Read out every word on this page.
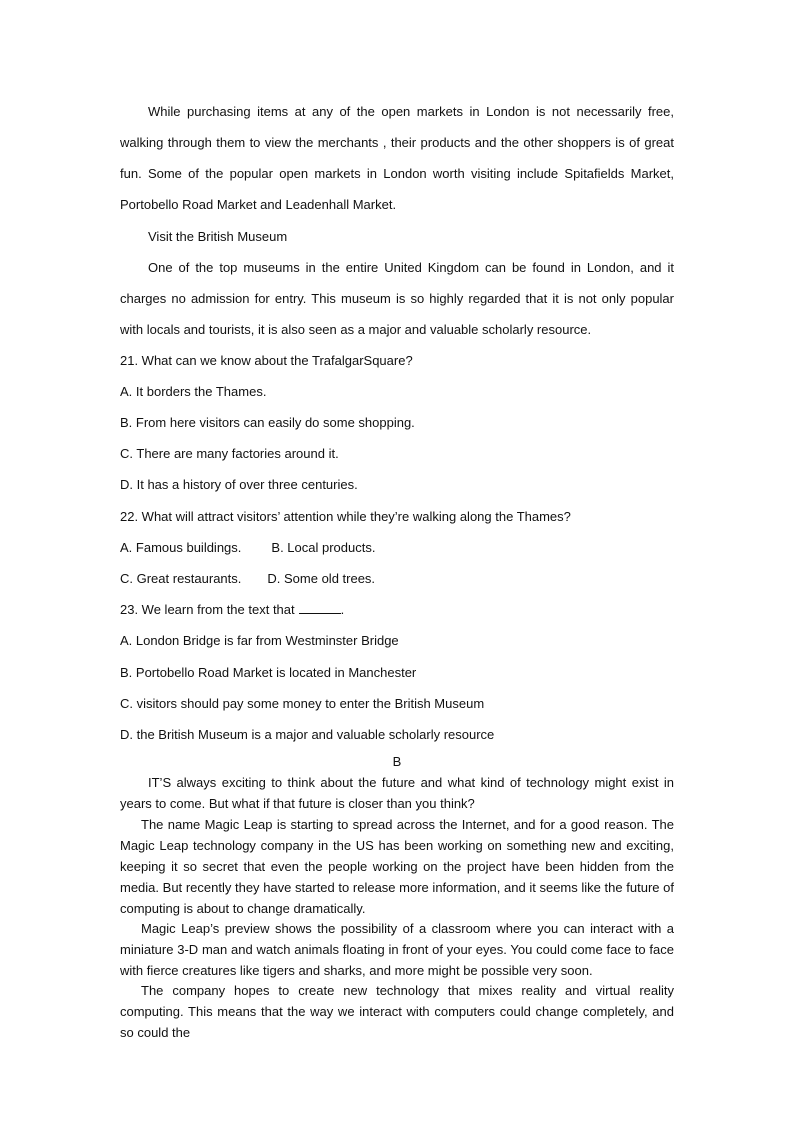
While purchasing items at any of the open markets in London is not necessarily free, walking through them to view the merchants , their products and the other shoppers is of great fun. Some of the popular open markets in London worth visiting include Spitafields Market, Portobello Road Market and Leadenhall Market.

Visit the British Museum

One of the top museums in the entire United Kingdom can be found in London, and it charges no admission for entry. This museum is so highly regarded that it is not only popular with locals and tourists, it is also seen as a major and valuable scholarly resource.

21. What can we know about the TrafalgarSquare?
A. It borders the Thames.
B. From here visitors can easily do some shopping.
C. There are many factories around it.
D. It has a history of over three centuries.
22. What will attract visitors’ attention while they’re walking along the Thames?
A. Famous buildings. B. Local products.
C. Great restaurants. D. Some old trees.
23. We learn from the text that	.
A. London Bridge is far from Westminster Bridge
B. Portobello Road Market is located in Manchester
C. visitors should pay some money to enter the British Museum
D. the British Museum is a major and valuable scholarly resource
B

IT’S always exciting to think about the future and what kind of technology might exist in years to come. But what if that future is closer than you think?

The name Magic Leap is starting to spread across the Internet, and for a good reason. The Magic Leap technology company in the US has been working on something new and exciting, keeping it so secret that even the people working on the project have been hidden from the media. But recently they have started to release more information, and it seems like the future of computing is about to change dramatically.

Magic Leap’s preview shows the possibility of a classroom where you can interact with a miniature 3-D man and watch animals floating in front of your eyes. You could come face to face with fierce creatures like tigers and sharks, and more might be possible very soon.

The company hopes to create new technology that mixes reality and virtual reality computing. This means that the way we interact with computers could change completely, and so could the
